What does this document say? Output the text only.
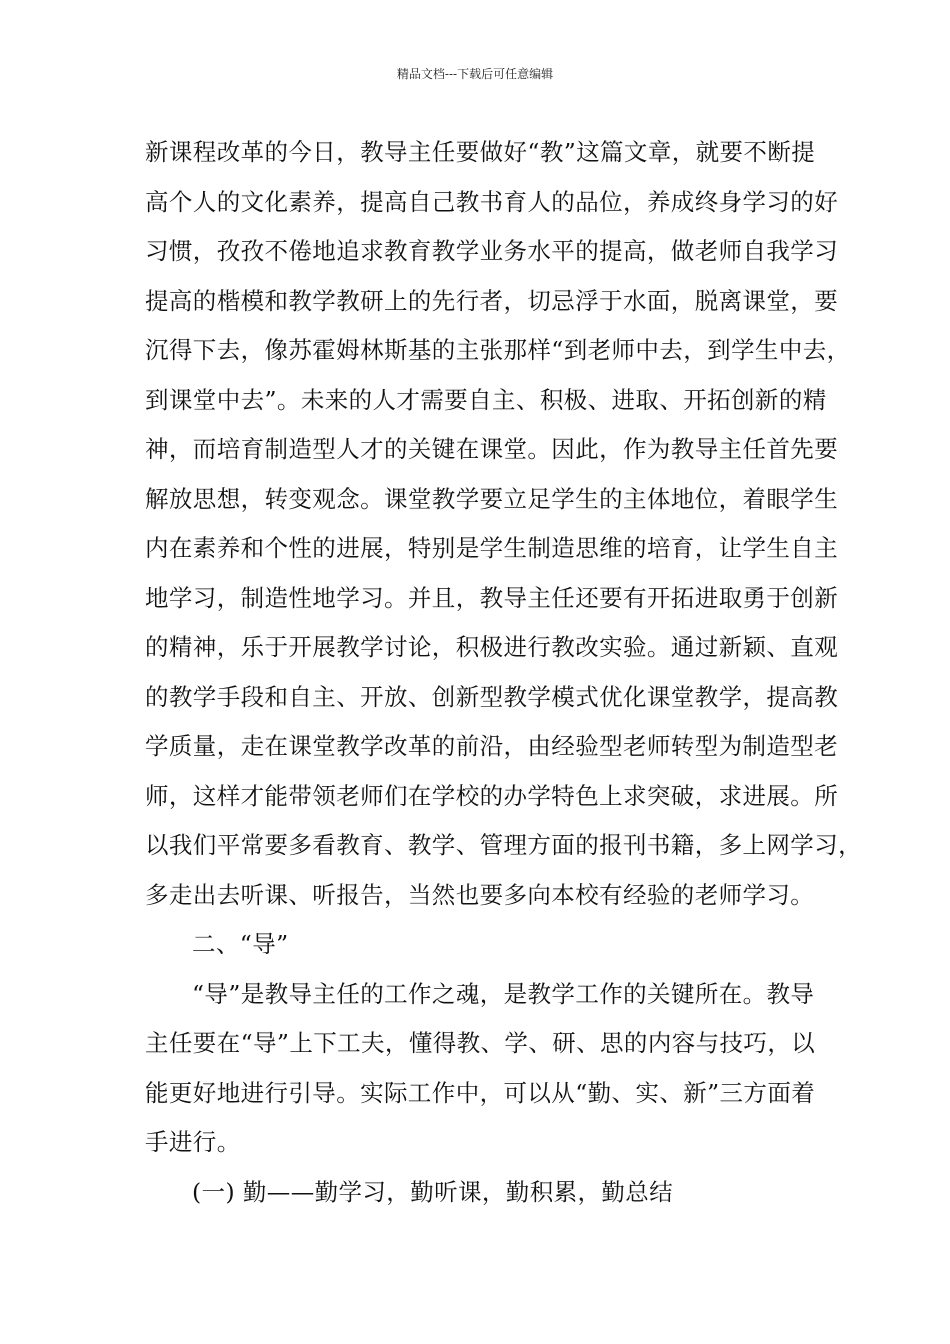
精品文档---下载后可任意编辑
新课程改革的今日，教导主任要做好“教”这篇文章，就要不断提
高个人的文化素养，提高自己教书育人的品位，养成终身学习的好
习惯，孜孜不倦地追求教育教学业务水平的提高，做老师自我学习
提高的楷模和教学教研上的先行者，切忌浮于水面，脱离课堂，要
沉得下去，像苏霍姆林斯基的主张那样“到老师中去，到学生中去，
到课堂中去”。未来的人才需要自主、积极、进取、开拓创新的精
神，而培育制造型人才的关键在课堂。因此，作为教导主任首先要
解放思想，转变观念。课堂教学要立足学生的主体地位，着眼学生
内在素养和个性的进展，特别是学生制造思维的培育，让学生自主
地学习，制造性地学习。并且，教导主任还要有开拓进取勇于创新
的精神，乐于开展教学讨论，积极进行教改实验。通过新颖、直观
的教学手段和自主、开放、创新型教学模式优化课堂教学，提高教
学质量，走在课堂教学改革的前沿，由经验型老师转型为制造型老
师，这样才能带领老师们在学校的办学特色上求突破，求进展。所
以我们平常要多看教育、教学、管理方面的报刊书籍，多上网学习，
多走出去听课、听报告，当然也要多向本校有经验的老师学习。
二、“导”
“导”是教导主任的工作之魂，是教学工作的关键所在。教导
主任要在“导”上下工夫，懂得教、学、研、思的内容与技巧，以
能更好地进行引导。实际工作中，可以从“勤、实、新”三方面着
手进行。
(一) 勤——勤学习，勤听课，勤积累，勤总结
